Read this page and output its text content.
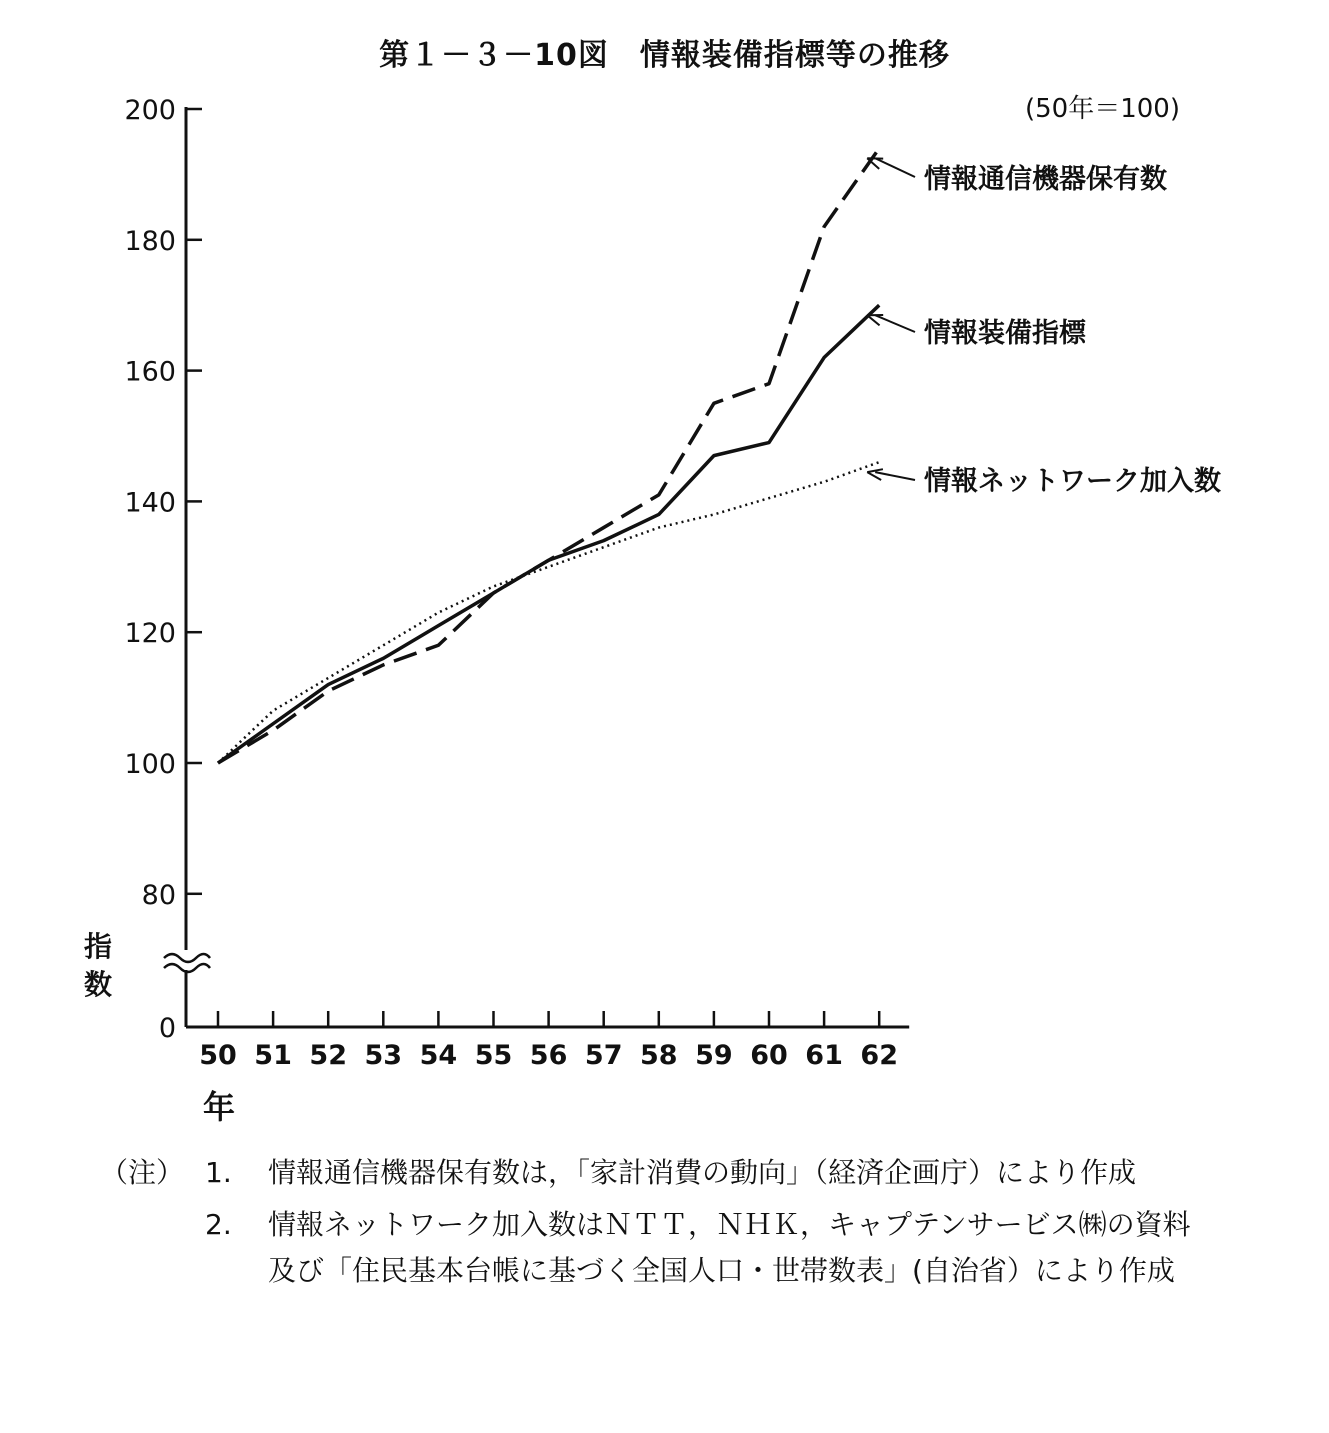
0
80
100
120
140
160
180
200
50 51 52 53 54 55 56 57 58 59 60 61 62
情報通信機器保有数
情報装備指標
情報ネットワーク加入数
第１－３－10図　情報装備指標等の推移
(50年＝100)
指
数
年
（注） 1. 情報通信機器保有数は，「家計消費の動向」（経済企画庁）により作成
2. 情報ネットワーク加入数はＮＴＴ，ＮＨＫ，キャプテンサービス㈱の資料及び「住民基本台帳に基づく全国人口・世帯数表」(自治省）により作成
